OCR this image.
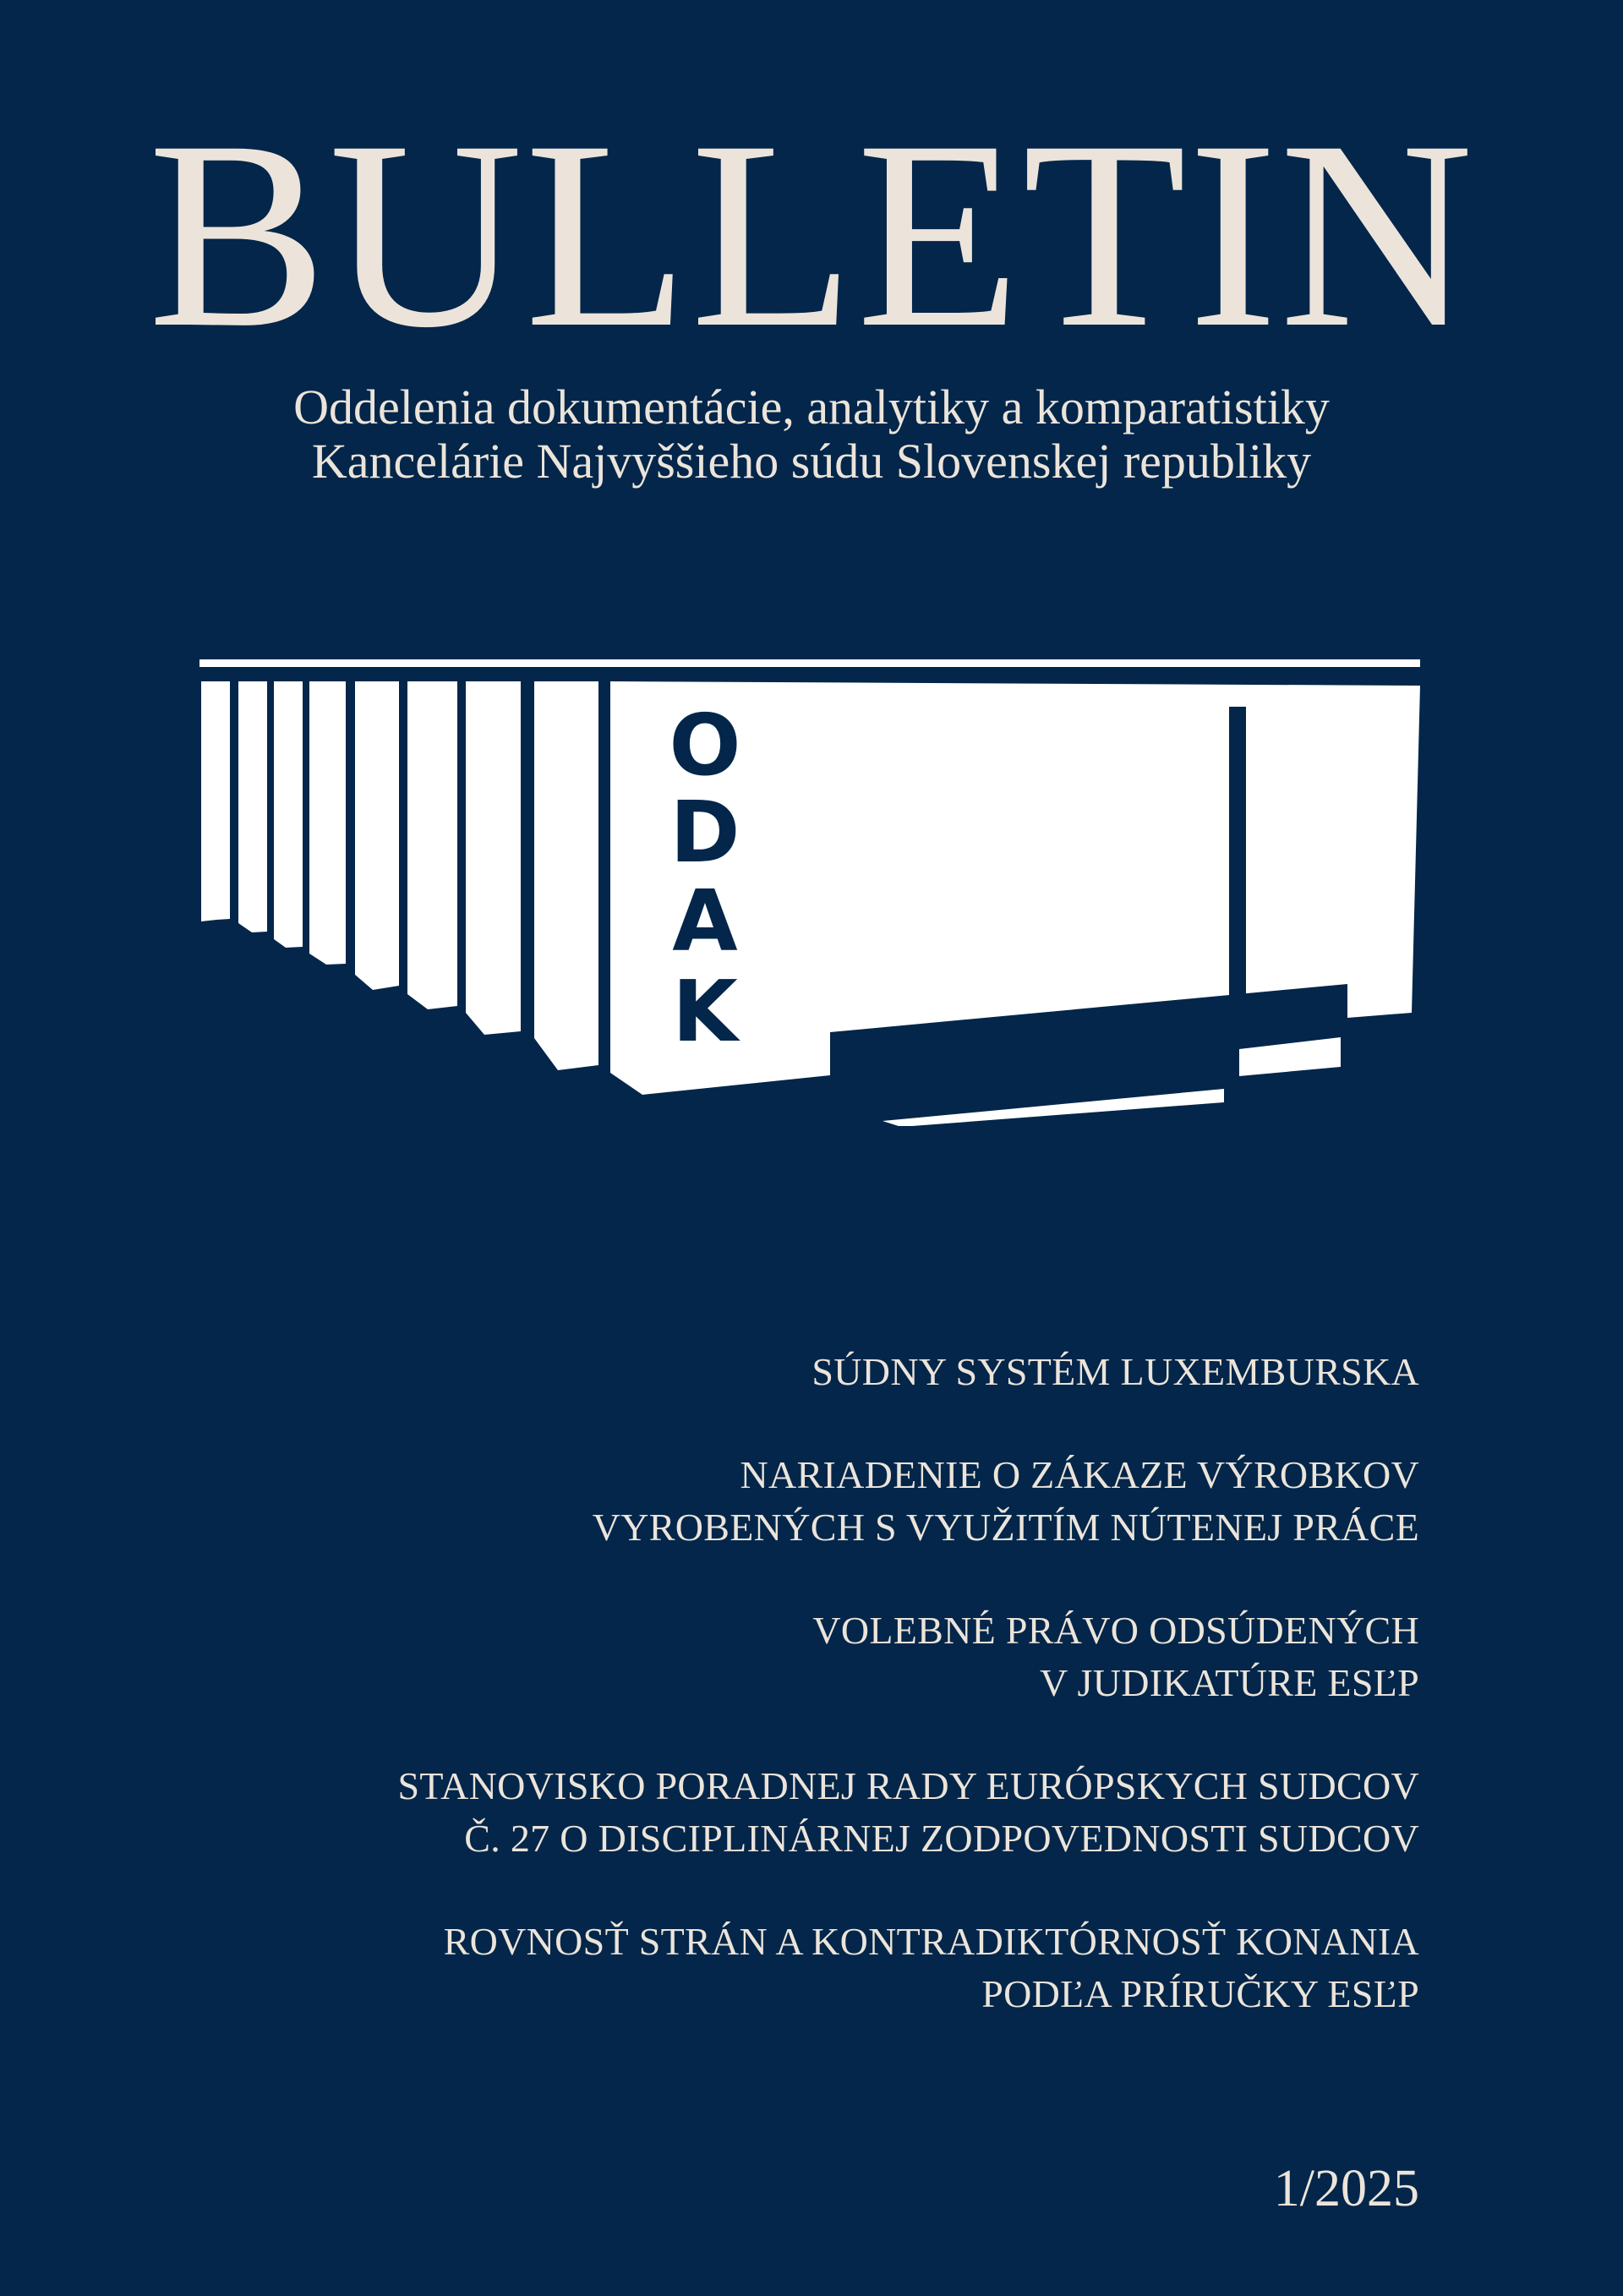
BULLETIN
Oddelenia dokumentácie, analytiky a komparatistiky
Kancelárie Najvyššieho súdu Slovenskej republiky
O
D
A
K
SÚDNY SYSTÉM LUXEMBURSKA
NARIADENIE O ZÁKAZE VÝROBKOV
VYROBENÝCH S VYUŽITÍM NÚTENEJ PRÁCE
VOLEBNÉ PRÁVO ODSÚDENÝCH
V JUDIKATÚRE ESĽP
STANOVISKO PORADNEJ RADY EURÓPSKYCH SUDCOV
Č. 27 O DISCIPLINÁRNEJ ZODPOVEDNOSTI SUDCOV
ROVNOSŤ STRÁN A KONTRADIKTÓRNOSŤ KONANIA
PODĽA PRÍRUČKY ESĽP
1/2025
